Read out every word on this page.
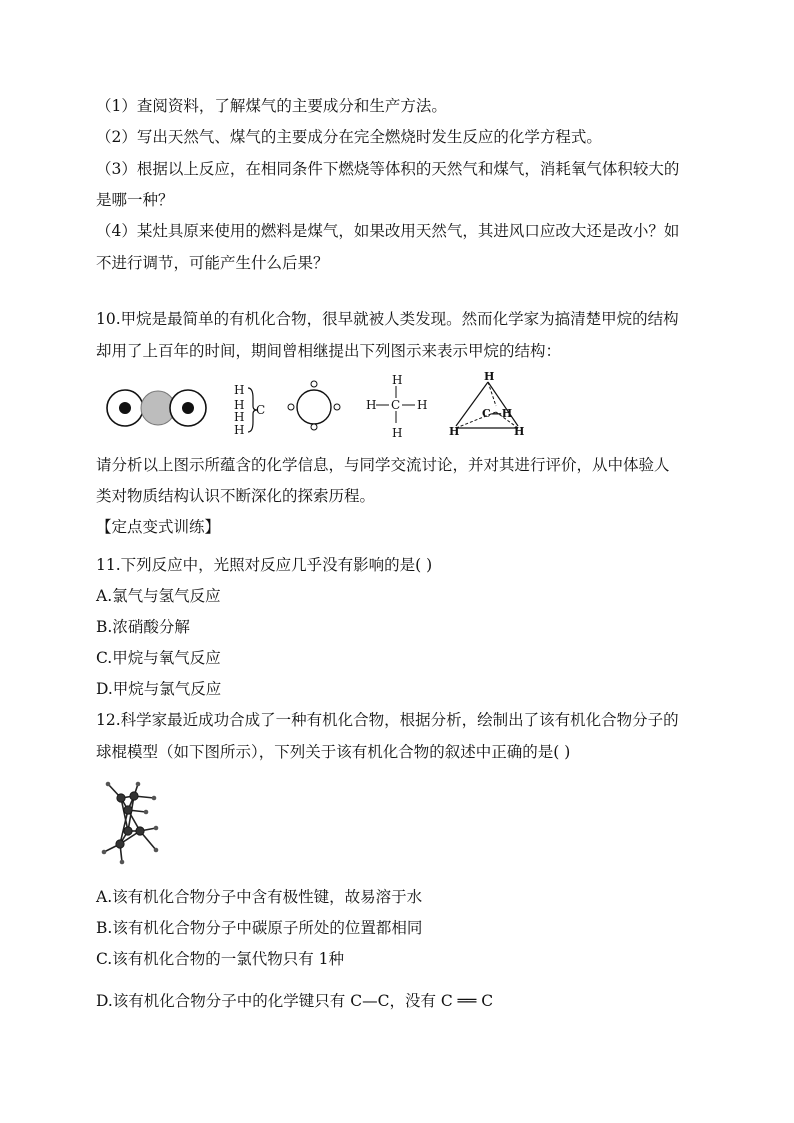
（1）查阅资料，了解煤气的主要成分和生产方法。
（2）写出天然气、煤气的主要成分在完全燃烧时发生反应的化学方程式。
（3）根据以上反应，在相同条件下燃烧等体积的天然气和煤气，消耗氧气体积较大的
是哪一种？
（4）某灶具原来使用的燃料是煤气，如果改用天然气，其进风口应改大还是改小？如
不进行调节，可能产生什么后果？
10.甲烷是最简单的有机化合物，很早就被人类发现。然而化学家为搞清楚甲烷的结构
却用了上百年的时间，期间曾相继提出下列图示来表示甲烷的结构：
H
H
H
H
C
H
H C H
H
H
C—H
H	H
请分析以上图示所蕴含的化学信息，与同学交流讨论，并对其进行评价，从中体验人
类对物质结构认识不断深化的探索历程。
【定点变式训练】
11.下列反应中，光照对反应几乎没有影响的是( )
A.氯气与氢气反应
B.浓硝酸分解
C.甲烷与氧气反应
D.甲烷与氯气反应
12.科学家最近成功合成了一种有机化合物，根据分析，绘制出了该有机化合物分子的
球棍模型（如下图所示），下列关于该有机化合物的叙述中正确的是( )
A.该有机化合物分子中含有极性键，故易溶于水
B.该有机化合物分子中碳原子所处的位置都相同
C.该有机化合物的一氯代物只有 1种
D.该有机化合物分子中的化学键只有 C—C，没有 C ══ C
